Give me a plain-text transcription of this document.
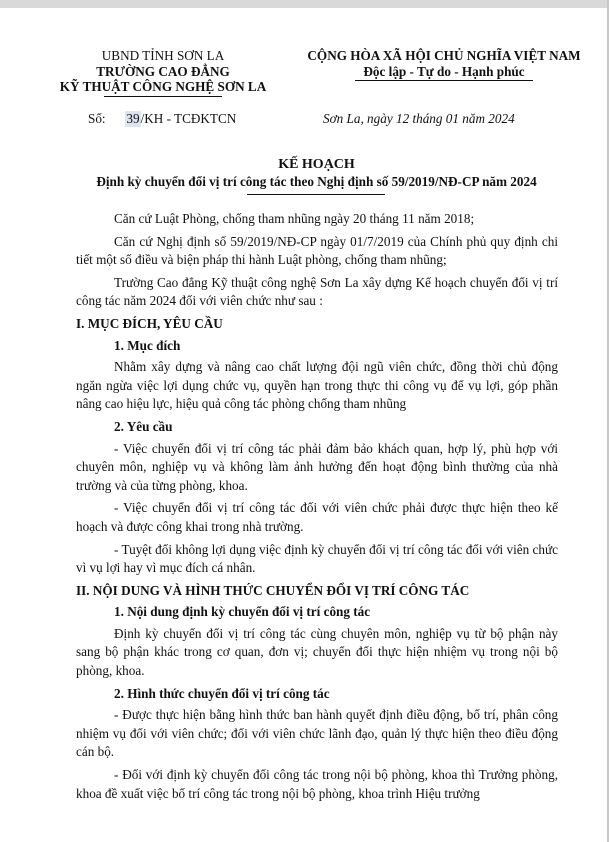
UBND TỈNH SƠN LA
TRƯỜNG CAO ĐẲNG
KỸ THUẬT CÔNG NGHỆ SƠN LA
CỘNG HÒA XÃ HỘI CHỦ NGHĨA VIỆT NAM
Độc lập - Tự do - Hạnh phúc
Số: 39/KH - TCĐKTCN	Sơn La, ngày 12 tháng 01 năm 2024
KẾ HOẠCH
Định kỳ chuyển đổi vị trí công tác theo Nghị định số 59/2019/NĐ-CP năm 2024

Căn cứ Luật Phòng, chống tham nhũng ngày 20 tháng 11 năm 2018;

Căn cứ Nghị định số 59/2019/NĐ-CP ngày 01/7/2019 của Chính phủ quy định chi tiết một số điều và biện pháp thi hành Luật phòng, chống tham nhũng;

Trường Cao đẳng Kỹ thuật công nghệ Sơn La xây dựng Kế hoạch chuyển đổi vị trí công tác năm 2024 đối với viên chức như sau :

I. MỤC ĐÍCH, YÊU CẦU
1. Mục đích

Nhằm xây dựng và nâng cao chất lượng đội ngũ viên chức, đồng thời chủ động ngăn ngừa việc lợi dụng chức vụ, quyền hạn trong thực thi công vụ để vụ lợi, góp phần nâng cao hiệu lực, hiệu quả công tác phòng chống tham nhũng

2. Yêu cầu

- Việc chuyển đổi vị trí công tác phải đảm bảo khách quan, hợp lý, phù hợp với chuyên môn, nghiệp vụ và không làm ảnh hưởng đến hoạt động bình thường của nhà trường và của từng phòng, khoa.

- Việc chuyển đổi vị trí công tác đối với viên chức phải được thực hiện theo kế hoạch và được công khai trong nhà trường.

- Tuyệt đối không lợi dụng việc định kỳ chuyển đổi vị trí công tác đối với viên chức vì vụ lợi hay vì mục đích cá nhân.

II. NỘI DUNG VÀ HÌNH THỨC CHUYỂN ĐỔI VỊ TRÍ CÔNG TÁC
1. Nội dung định kỳ chuyển đổi vị trí công tác

Định kỳ chuyển đổi vị trí công tác cùng chuyên môn, nghiệp vụ từ bộ phận này sang bộ phận khác trong cơ quan, đơn vị; chuyển đổi thực hiện nhiệm vụ trong nội bộ phòng, khoa.

2. Hình thức chuyển đổi vị trí công tác

- Được thực hiện bằng hình thức ban hành quyết định điều động, bố trí, phân công nhiệm vụ đối với viên chức; đối với viên chức lãnh đạo, quản lý thực hiện theo điều động cán bộ.

- Đối với định kỳ chuyển đổi công tác trong nội bộ phòng, khoa thì Trưởng phòng, khoa đề xuất việc bố trí công tác trong nội bộ phòng, khoa trình Hiệu trưởng
